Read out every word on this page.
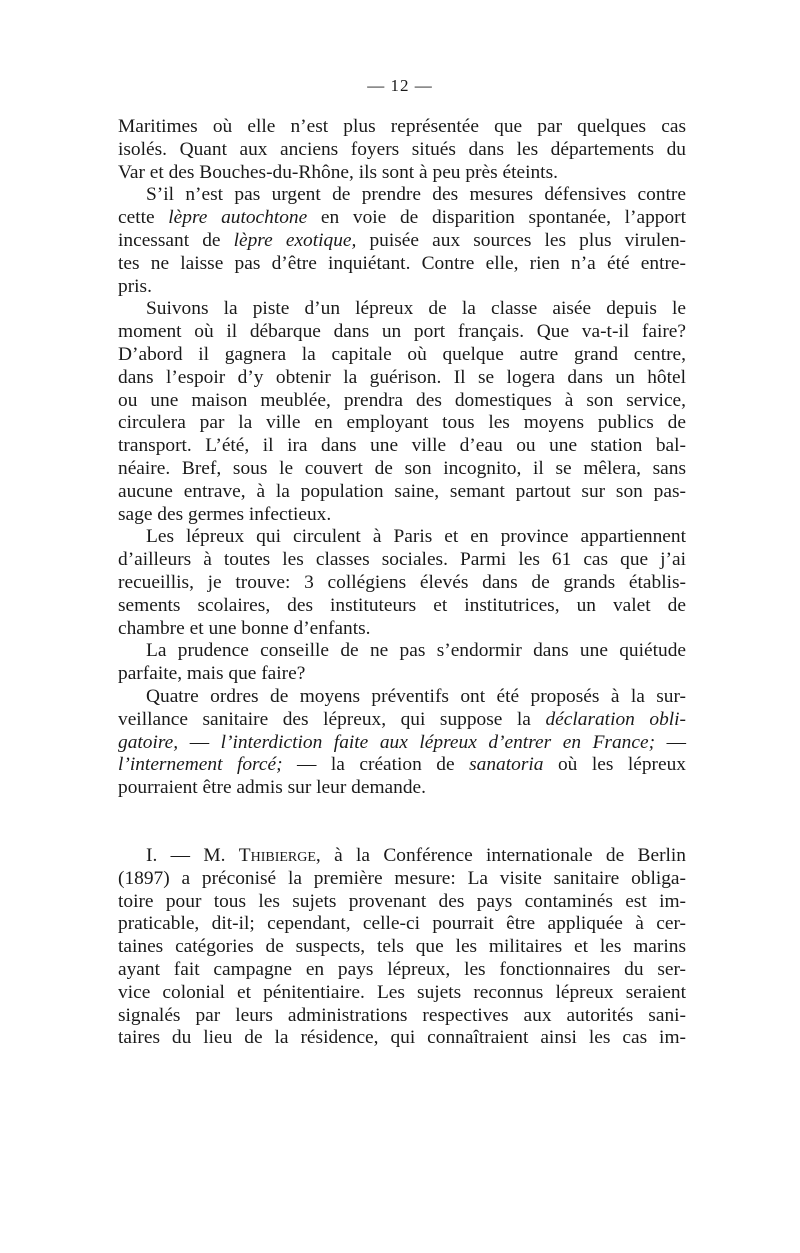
— 12 —

Maritimes où elle n’est plus représentée que par quelques cas
isolés. Quant aux anciens foyers situés dans les départements du
Var et des Bouches-du-Rhône, ils sont à peu près éteints.

S’il n’est pas urgent de prendre des mesures défensives contre
cette lèpre autochtone en voie de disparition spontanée, l’apport
incessant de lèpre exotique, puisée aux sources les plus virulen-
tes ne laisse pas d’être inquiétant. Contre elle, rien n’a été entre-
pris.

Suivons la piste d’un lépreux de la classe aisée depuis le
moment où il débarque dans un port français. Que va-t-il faire?
D’abord il gagnera la capitale où quelque autre grand centre,
dans l’espoir d’y obtenir la guérison. Il se logera dans un hôtel
ou une maison meublée, prendra des domestiques à son service,
circulera par la ville en employant tous les moyens publics de
transport. L’été, il ira dans une ville d’eau ou une station bal-
néaire. Bref, sous le couvert de son incognito, il se mêlera, sans
aucune entrave, à la population saine, semant partout sur son pas-
sage des germes infectieux.

Les lépreux qui circulent à Paris et en province appartiennent
d’ailleurs à toutes les classes sociales. Parmi les 61 cas que j’ai
recueillis, je trouve: 3 collégiens élevés dans de grands établis-
sements scolaires, des instituteurs et institutrices, un valet de
chambre et une bonne d’enfants.

La prudence conseille de ne pas s’endormir dans une quiétude
parfaite, mais que faire?

Quatre ordres de moyens préventifs ont été proposés à la sur-
veillance sanitaire des lépreux, qui suppose la déclaration obli-
gatoire, — l’interdiction faite aux lépreux d’entrer en France; —
l’internement forcé; — la création de sanatoria où les lépreux
pourraient être admis sur leur demande.

I. — M. Thibierge, à la Conférence internationale de Berlin
(1897) a préconisé la première mesure: La visite sanitaire obliga-
toire pour tous les sujets provenant des pays contaminés est im-
praticable, dit-il; cependant, celle-ci pourrait être appliquée à cer-
taines catégories de suspects, tels que les militaires et les marins
ayant fait campagne en pays lépreux, les fonctionnaires du ser-
vice colonial et pénitentiaire. Les sujets reconnus lépreux seraient
signalés par leurs administrations respectives aux autorités sani-
taires du lieu de la résidence, qui connaîtraient ainsi les cas im-
